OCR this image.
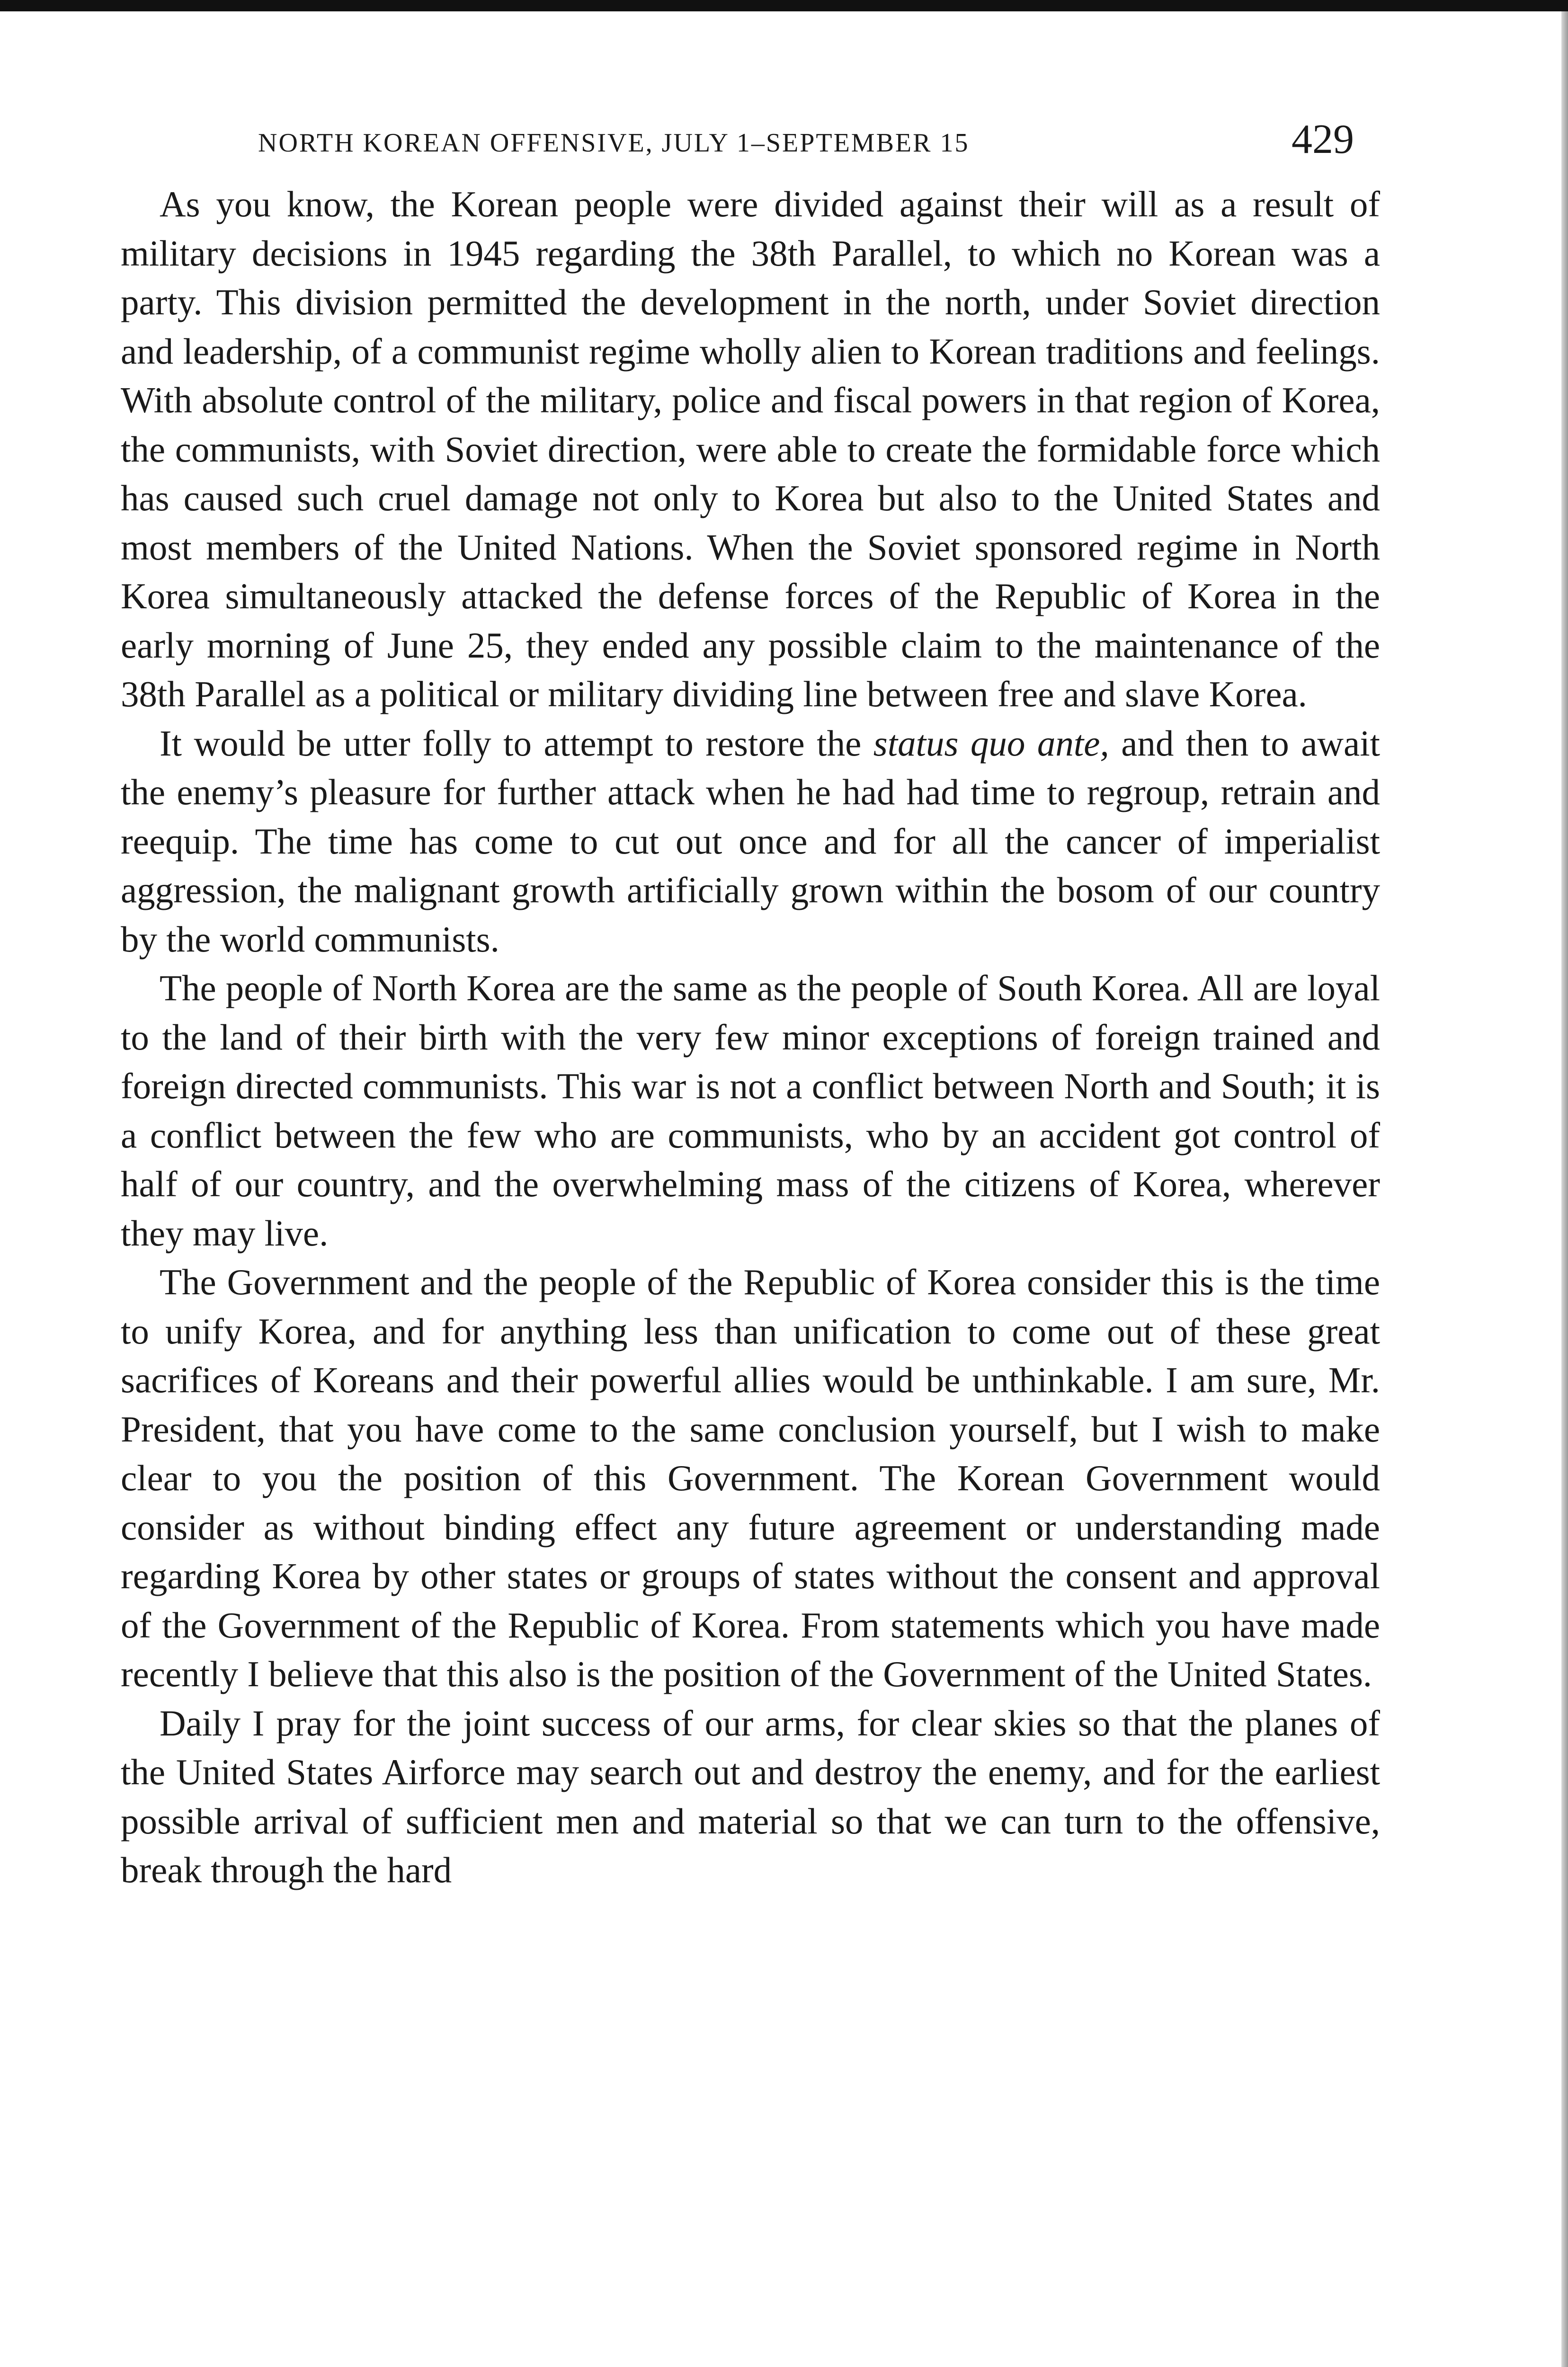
NORTH KOREAN OFFENSIVE, JULY 1–SEPTEMBER 15	429

As you know, the Korean people were divided against their will as a result of military decisions in 1945 regarding the 38th Parallel, to which no Korean was a party. This division permitted the development in the north, under Soviet direction and leadership, of a communist regime wholly alien to Korean traditions and feelings. With absolute control of the military, police and fiscal powers in that region of Korea, the communists, with Soviet direction, were able to create the formidable force which has caused such cruel damage not only to Korea but also to the United States and most members of the United Nations. When the Soviet sponsored regime in North Korea simultaneously attacked the defense forces of the Republic of Korea in the early morning of June 25, they ended any possible claim to the maintenance of the 38th Parallel as a political or military dividing line between free and slave Korea.

It would be utter folly to attempt to restore the status quo ante, and then to await the enemy’s pleasure for further attack when he had had time to regroup, retrain and reequip. The time has come to cut out once and for all the cancer of imperialist aggression, the malignant growth artificially grown within the bosom of our country by the world communists.

The people of North Korea are the same as the people of South Korea. All are loyal to the land of their birth with the very few minor exceptions of foreign trained and foreign directed communists. This war is not a conflict between North and South; it is a conflict between the few who are communists, who by an accident got control of half of our country, and the overwhelming mass of the citizens of Korea, wherever they may live.

The Government and the people of the Republic of Korea consider this is the time to unify Korea, and for anything less than unification to come out of these great sacrifices of Koreans and their powerful allies would be unthinkable. I am sure, Mr. President, that you have come to the same conclusion yourself, but I wish to make clear to you the position of this Government. The Korean Government would consider as without binding effect any future agreement or understanding made regarding Korea by other states or groups of states without the consent and approval of the Government of the Republic of Korea. From statements which you have made recently I believe that this also is the position of the Government of the United States.

Daily I pray for the joint success of our arms, for clear skies so that the planes of the United States Airforce may search out and destroy the enemy, and for the earliest possible arrival of sufficient men and material so that we can turn to the offensive, break through the hard
